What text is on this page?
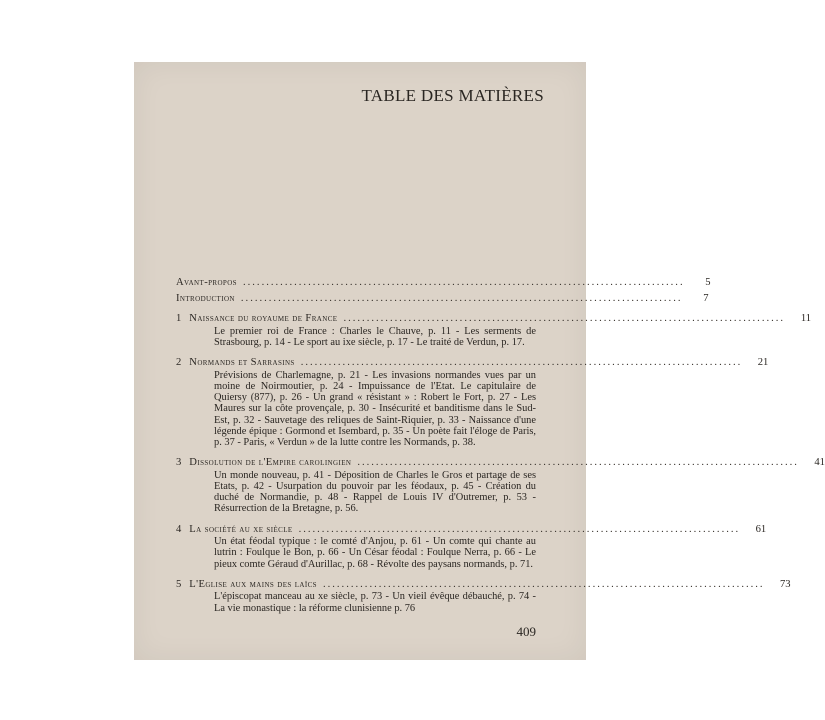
TABLE DES MATIÈRES
Avant-propos ...............................................................................................	5
Introduction ...............................................................................................	7
1 Naissance du royaume de France ...............................................................................................	11
Le premier roi de France : Charles le Chauve, p. 11 - Les serments de Strasbourg, p. 14 - Le sport au ixe siècle, p. 17 - Le traité de Verdun, p. 17.
2 Normands et Sarrasins ...............................................................................................	21
Prévisions de Charlemagne, p. 21 - Les invasions normandes vues par un moine de Noirmoutier, p. 24 - Impuissance de l'Etat. Le capitulaire de Quiersy (877), p. 26 - Un grand « résistant » : Robert le Fort, p. 27 - Les Maures sur la côte provençale, p. 30 - Insécurité et banditisme dans le Sud-Est, p. 32 - Sauvetage des reliques de Saint-Riquier, p. 33 - Naissance d'une légende épique : Gormond et Isembard, p. 35 - Un poète fait l'éloge de Paris, p. 37 - Paris, « Verdun » de la lutte contre les Normands, p. 38.
3 Dissolution de l'Empire carolingien ...............................................................................................	41
Un monde nouveau, p. 41 - Déposition de Charles le Gros et partage de ses Etats, p. 42 - Usurpation du pouvoir par les féodaux, p. 45 - Création du duché de Normandie, p. 48 - Rappel de Louis IV d'Outremer, p. 53 - Résurrection de la Bretagne, p. 56.
4 La société au xe siècle ...............................................................................................	61
Un état féodal typique : le comté d'Anjou, p. 61 - Un comte qui chante au lutrin : Foulque le Bon, p. 66 - Un César féodal : Foulque Nerra, p. 66 - Le pieux comte Géraud d'Aurillac, p. 68 - Révolte des paysans normands, p. 71.
5 L'Eglise aux mains des laïcs ...............................................................................................	73
L'épiscopat manceau au xe siècle, p. 73 - Un vieil évêque débauché, p. 74 - La vie monastique : la réforme clunisienne p. 76
409
